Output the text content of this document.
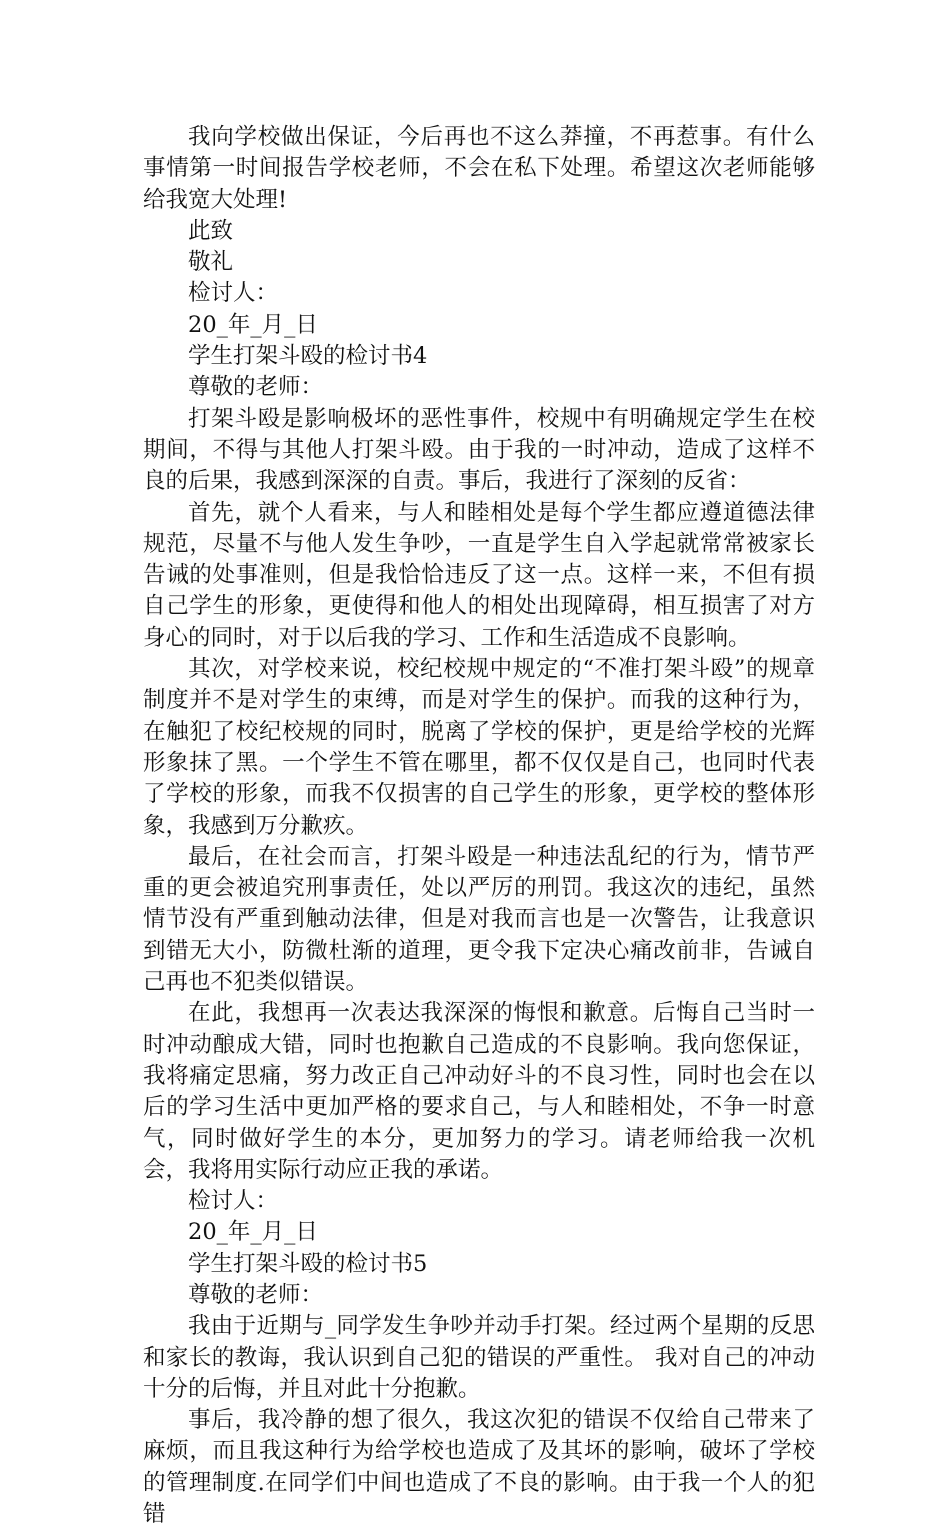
我向学校做出保证，今后再也不这么莽撞，不再惹事。有什么事情第一时间报告学校老师，不会在私下处理。希望这次老师能够给我宽大处理!

此致

敬礼

检讨人：

20_年_月_日

学生打架斗殴的检讨书4

尊敬的老师：

打架斗殴是影响极坏的恶性事件，校规中有明确规定学生在校期间，不得与其他人打架斗殴。由于我的一时冲动，造成了这样不良的后果，我感到深深的自责。事后，我进行了深刻的反省：

首先，就个人看来，与人和睦相处是每个学生都应遵道德法律规范，尽量不与他人发生争吵，一直是学生自入学起就常常被家长告诫的处事准则，但是我恰恰违反了这一点。这样一来，不但有损自己学生的形象，更使得和他人的相处出现障碍，相互损害了对方身心的同时，对于以后我的学习、工作和生活造成不良影响。

其次，对学校来说，校纪校规中规定的“不准打架斗殴”的规章制度并不是对学生的束缚，而是对学生的保护。而我的这种行为，在触犯了校纪校规的同时，脱离了学校的保护，更是给学校的光辉形象抹了黑。一个学生不管在哪里，都不仅仅是自己，也同时代表了学校的形象，而我不仅损害的自己学生的形象，更学校的整体形象，我感到万分歉疚。

最后，在社会而言，打架斗殴是一种违法乱纪的行为，情节严重的更会被追究刑事责任，处以严厉的刑罚。我这次的违纪，虽然情节没有严重到触动法律，但是对我而言也是一次警告，让我意识到错无大小，防微杜渐的道理，更令我下定决心痛改前非，告诫自己再也不犯类似错误。

在此，我想再一次表达我深深的悔恨和歉意。后悔自己当时一时冲动酿成大错，同时也抱歉自己造成的不良影响。我向您保证，我将痛定思痛，努力改正自己冲动好斗的不良习性，同时也会在以后的学习生活中更加严格的要求自己，与人和睦相处，不争一时意气，同时做好学生的本分，更加努力的学习。请老师给我一次机会，我将用实际行动应正我的承诺。

检讨人：

20_年_月_日

学生打架斗殴的检讨书5

尊敬的老师：

我由于近期与_同学发生争吵并动手打架。经过两个星期的反思和家长的教诲，我认识到自己犯的错误的严重性。 我对自己的冲动十分的后悔，并且对此十分抱歉。

事后，我冷静的想了很久，我这次犯的错误不仅给自己带来了麻烦，而且我这种行为给学校也造成了及其坏的影响，破坏了学校的管理制度.在同学们中间也造成了不良的影响。由于我一个人的犯错
